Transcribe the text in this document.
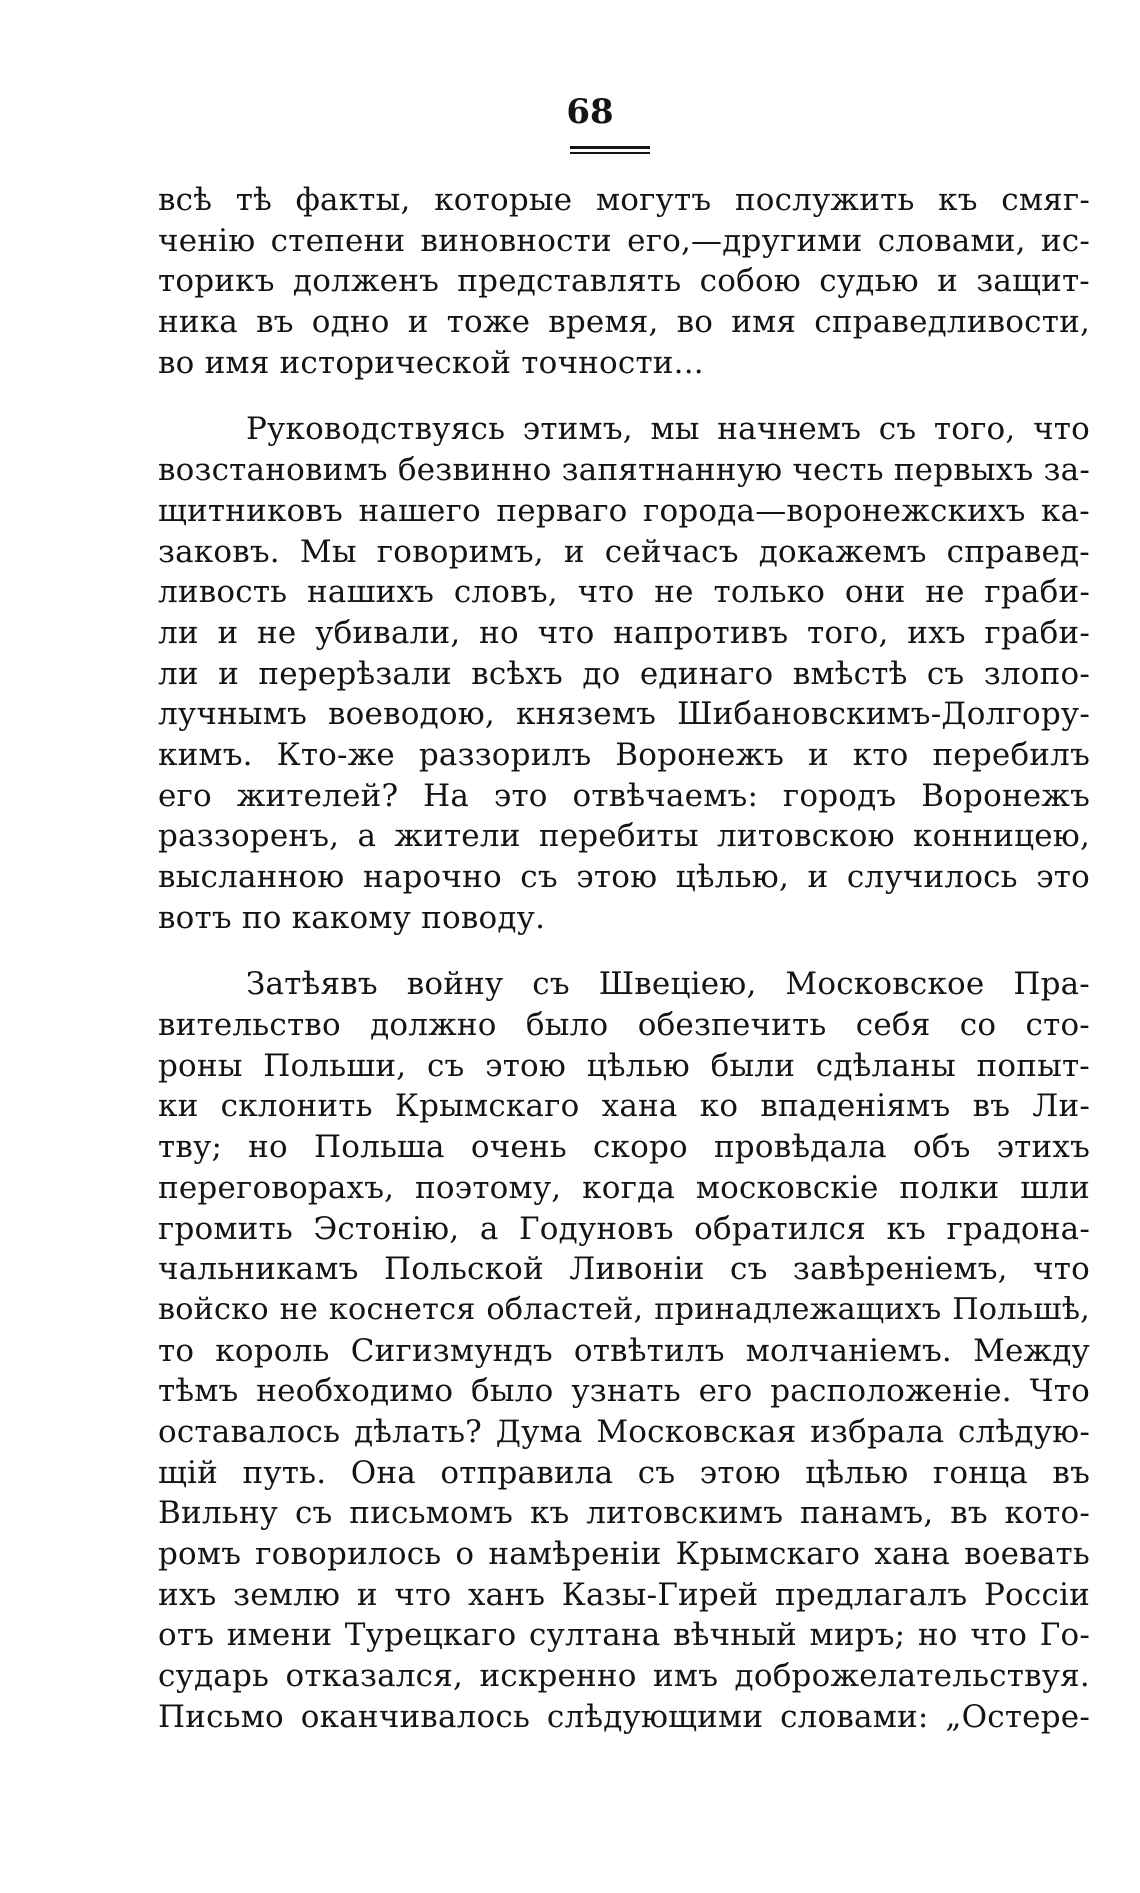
68
всѣ тѣ факты, которые могутъ послужить къ смяг-
ченію степени виновности его,—другими словами, ис-
торикъ долженъ представлять собою судью и защит-
ника въ одно и тоже время, во имя справедливости,
во имя исторической точности...
Руководствуясь этимъ, мы начнемъ съ того, что
возстановимъ безвинно запятнанную честь первыхъ за-
щитниковъ нашего перваго города—воронежскихъ ка-
заковъ. Мы говоримъ, и сейчасъ докажемъ справед-
ливость нашихъ словъ, что не только они не граби-
ли и не убивали, но что напротивъ того, ихъ граби-
ли и перерѣзали всѣхъ до единаго вмѣстѣ съ злопо-
лучнымъ воеводою, княземъ Шибановскимъ-Долгору-
кимъ. Кто-же раззорилъ Воронежъ и кто перебилъ
его жителей? На это отвѣчаемъ: городъ Воронежъ
раззоренъ, а жители перебиты литовскою конницею,
высланною нарочно съ этою цѣлью, и случилось это
вотъ по какому поводу.
Затѣявъ войну съ Швеціею, Московское Пра-
вительство должно было обезпечить себя со сто-
роны Польши, съ этою цѣлью были сдѣланы попыт-
ки склонить Крымскаго хана ко впаденіямъ въ Ли-
тву; но Польша очень скоро провѣдала объ этихъ
переговорахъ, поэтому, когда московскіе полки шли
громить Эстонію, а Годуновъ обратился къ градона-
чальникамъ Польской Ливоніи съ завѣреніемъ, что
войско не коснется областей, принадлежащихъ Польшѣ,
то король Сигизмундъ отвѣтилъ молчаніемъ. Между
тѣмъ необходимо было узнать его расположеніе. Что
оставалось дѣлать? Дума Московская избрала слѣдую-
щій путь. Она отправила съ этою цѣлью гонца въ
Вильну съ письмомъ къ литовскимъ панамъ, въ кото-
ромъ говорилось о намѣреніи Крымскаго хана воевать
ихъ землю и что ханъ Казы-Гирей предлагалъ Россіи
отъ имени Турецкаго султана вѣчный миръ; но что Го-
сударь отказался, искренно имъ доброжелательствуя.
Письмо оканчивалось слѣдующими словами: „Остере-
